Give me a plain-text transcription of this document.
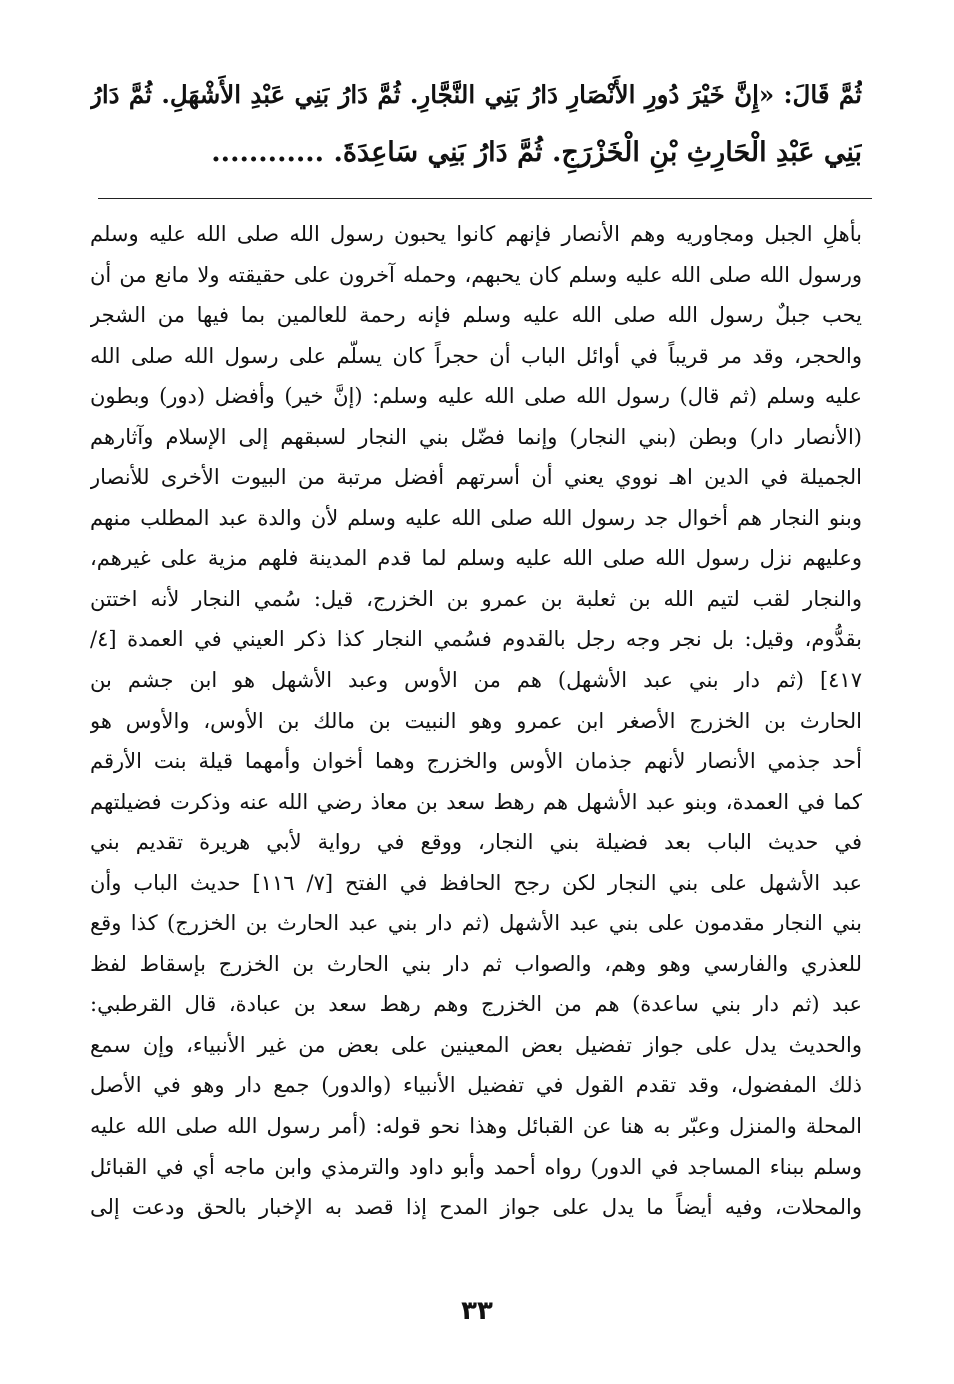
ثُمَّ قَالَ: «إِنَّ خَيْرَ دُورِ الأَنْصَارِ دَارُ بَنِي النَّجَّارِ. ثُمَّ دَارُ بَنِي عَبْدِ الأَشْهَلِ. ثُمَّ دَارُ
بَنِي عَبْدِ الْحَارِثِ بْنِ الْخَزْرَجِ. ثُمَّ دَارُ بَنِي سَاعِدَةَ. ............
بأهلِ الجبل ومجاوريه وهم الأنصار فإنهم كانوا يحبون رسول الله صلى الله عليه وسلم
ورسول الله صلى الله عليه وسلم كان يحبهم، وحمله آخرون على حقيقته ولا مانع من أن
يحب جبلٌ رسول الله صلى الله عليه وسلم فإنه رحمة للعالمين بما فيها من الشجر
والحجر، وقد مر قريباً في أوائل الباب أن حجراً كان يسلّم على رسول الله صلى الله
عليه وسلم (ثم قال) رسول الله صلى الله عليه وسلم: (إنَّ خير) وأفضل (دور) وبطون
(الأنصار دار) وبطن (بني النجار) وإنما فضّل بني النجار لسبقهم إلى الإسلام وآثارهم
الجميلة في الدين اهـ نووي يعني أن أسرتهم أفضل مرتبة من البيوت الأخرى للأنصار
وبنو النجار هم أخوال جد رسول الله صلى الله عليه وسلم لأن والدة عبد المطلب منهم
وعليهم نزل رسول الله صلى الله عليه وسلم لما قدم المدينة فلهم مزية على غيرهم،
والنجار لقب لتيم الله بن ثعلبة بن عمرو بن الخزرج، قيل: سُمي النجار لأنه اختتن
بقدُّوم، وقيل: بل نجر وجه رجل بالقدوم فسُمي النجار كذا ذكر العيني في العمدة [٤/
٤١٧] (ثم دار بني عبد الأشهل) هم من الأوس وعبد الأشهل هو ابن جشم بن
الحارث بن الخزرج الأصغر ابن عمرو وهو النبيت بن مالك بن الأوس، والأوس هو
أحد جذمي الأنصار لأنهم جذمان الأوس والخزرج وهما أخوان وأمهما قيلة بنت الأرقم
كما في العمدة، وبنو عبد الأشهل هم رهط سعد بن معاذ رضي الله عنه وذكرت فضيلتهم
في حديث الباب بعد فضيلة بني النجار، ووقع في رواية لأبي هريرة تقديم بني
عبد الأشهل على بني النجار لكن رجح الحافظ في الفتح [٧/ ١١٦] حديث الباب وأن
بني النجار مقدمون على بني عبد الأشهل (ثم دار بني عبد الحارث بن الخزرج) كذا وقع
للعذري والفارسي وهو وهم، والصواب ثم دار بني الحارث بن الخزرج بإسقاط لفظ
عبد (ثم دار بني ساعدة) هم من الخزرج وهم رهط سعد بن عبادة، قال القرطبي:
والحديث يدل على جواز تفضيل بعض المعينين على بعض من غير الأنبياء، وإن سمع
ذلك المفضول، وقد تقدم القول في تفضيل الأنبياء (والدور) جمع دار وهو في الأصل
المحلة والمنزل وعبّر به هنا عن القبائل وهذا نحو قوله: (أمر رسول الله صلى الله عليه
وسلم ببناء المساجد في الدور) رواه أحمد وأبو داود والترمذي وابن ماجه أي في القبائل
والمحلات، وفيه أيضاً ما يدل على جواز المدح إذا قصد به الإخبار بالحق ودعت إلى
٣٣
